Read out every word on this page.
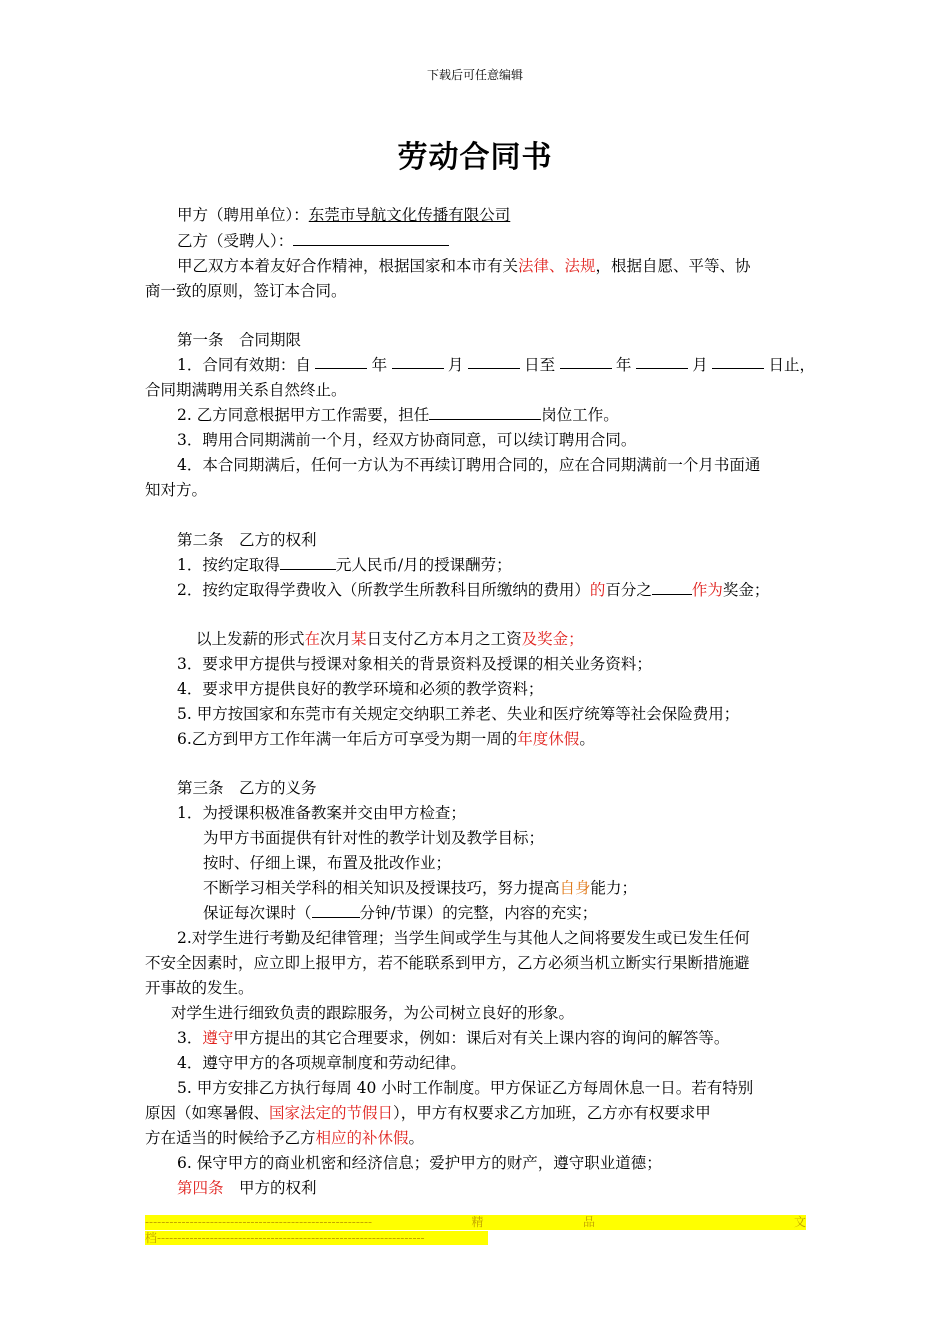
下载后可任意编辑
劳动合同书
甲方（聘用单位）：东莞市导航文化传播有限公司
乙方（受聘人）：
甲乙双方本着友好合作精神，根据国家和本市有关法律、法规，根据自愿、平等、协
商一致的原则，签订本合同。
第一条　合同期限
1．合同有效期：自	年	月	日至	年	月	日止，
合同期满聘用关系自然终止。
2. 乙方同意根据甲方工作需要，担任	岗位工作。
3．聘用合同期满前一个月，经双方协商同意，可以续订聘用合同。
4．本合同期满后，任何一方认为不再续订聘用合同的，应在合同期满前一个月书面通
知对方。
第二条　乙方的权利
1．按约定取得	元人民币/月的授课酬劳；
2．按约定取得学费收入（所教学生所教科目所缴纳的费用）的百分之	作为奖金；
以上发薪的形式在次月某日支付乙方本月之工资及奖金；
3．要求甲方提供与授课对象相关的背景资料及授课的相关业务资料；
4．要求甲方提供良好的教学环境和必须的教学资料；
5. 甲方按国家和东莞市有关规定交纳职工养老、失业和医疗统筹等社会保险费用；
6.乙方到甲方工作年满一年后方可享受为期一周的年度休假。
第三条　乙方的义务
1．为授课积极准备教案并交由甲方检查；
为甲方书面提供有针对性的教学计划及教学目标；
按时、仔细上课，布置及批改作业；
不断学习相关学科的相关知识及授课技巧，努力提高自身能力；
保证每次课时（	分钟/节课）的完整，内容的充实；
2.对学生进行考勤及纪律管理；当学生间或学生与其他人之间将要发生或已发生任何
不安全因素时，应立即上报甲方，若不能联系到甲方，乙方必须当机立断实行果断措施避
开事故的发生。
对学生进行细致负责的跟踪服务，为公司树立良好的形象。
3．遵守甲方提出的其它合理要求，例如：课后对有关上课内容的询问的解答等。
4．遵守甲方的各项规章制度和劳动纪律。
5. 甲方安排乙方执行每周 40 小时工作制度。甲方保证乙方每周休息一日。若有特别
原因（如寒暑假、国家法定的节假日），甲方有权要求乙方加班，乙方亦有权要求甲
方在适当的时候给予乙方相应的补休假。
6. 保守甲方的商业机密和经济信息；爱护甲方的财产，遵守职业道德；
第四条　甲方的权利
--------------------------------------------------------	精	品	文
档------------------------------------------------------------------
